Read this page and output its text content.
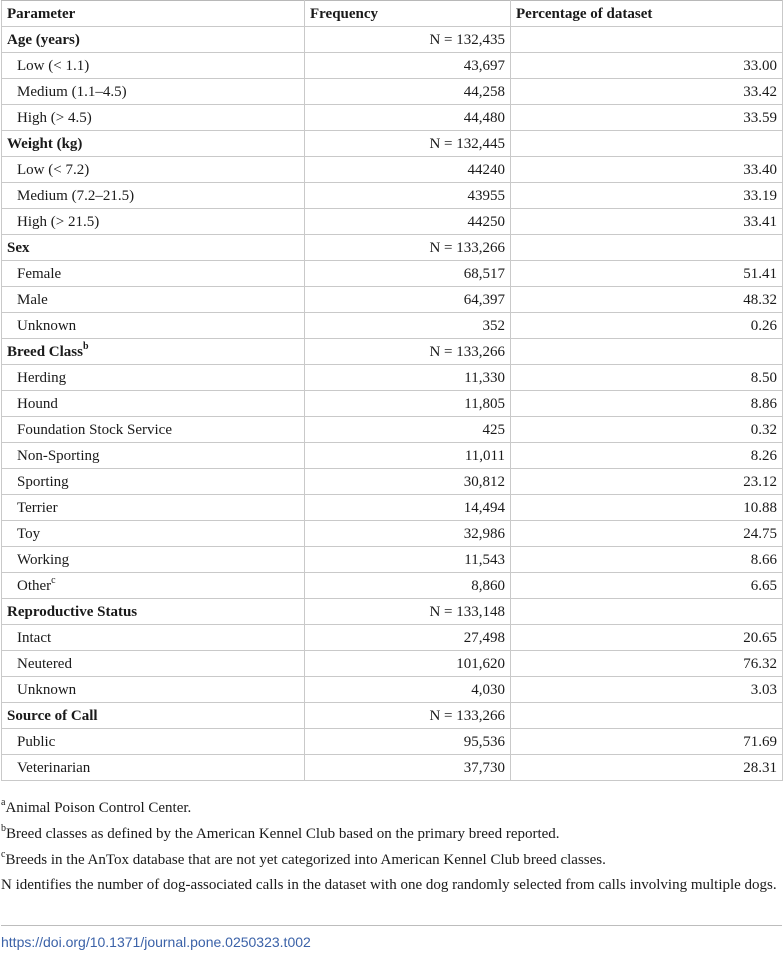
Parameter	Frequency	Percentage of dataset
Age (years)	N = 132,435	
Low (< 1.1)	43,697	33.00
Medium (1.1–4.5)	44,258	33.42
High (> 4.5)	44,480	33.59
Weight (kg)	N = 132,445	
Low (< 7.2)	44240	33.40
Medium (7.2–21.5)	43955	33.19
High (> 21.5)	44250	33.41
Sex	N = 133,266	
Female	68,517	51.41
Male	64,397	48.32
Unknown	352	0.26
Breed Class$^b$	N = 133,266	
Herding	11,330	8.50
Hound	11,805	8.86
Foundation Stock Service	425	0.32
Non-Sporting	11,011	8.26
Sporting	30,812	23.12
Terrier	14,494	10.88
Toy	32,986	24.75
Working	11,543	8.66
Other$^c$	8,860	6.65
Reproductive Status	N = 133,148	
Intact	27,498	20.65
Neutered	101,620	76.32
Unknown	4,030	3.03
Source of Call	N = 133,266	
Public	95,536	71.69
Veterinarian	37,730	28.31

$^a$Animal Poison Control Center.

$^b$Breed classes as defined by the American Kennel Club based on the primary breed reported.

$^c$Breeds in the AnTox database that are not yet categorized into American Kennel Club breed classes.

N identifies the number of dog-associated calls in the dataset with one dog randomly selected from calls involving multiple dogs.

https://doi.org/10.1371/journal.pone.0250323.t002
